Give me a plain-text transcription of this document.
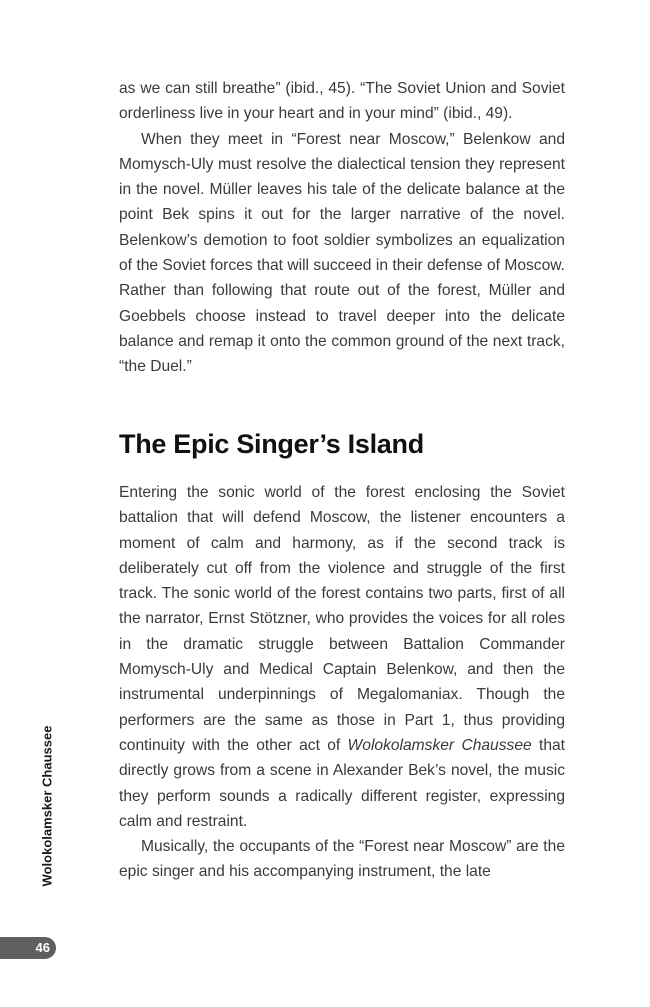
as we can still breathe” (ibid., 45). “The Soviet Union and Soviet orderliness live in your heart and in your mind” (ibid., 49).

When they meet in “Forest near Moscow,” Belenkow and Momysch-Uly must resolve the dialectical tension they represent in the novel. Müller leaves his tale of the delicate balance at the point Bek spins it out for the larger narrative of the novel. Belenkow’s demotion to foot soldier symbolizes an equalization of the Soviet forces that will succeed in their defense of Moscow. Rather than following that route out of the forest, Müller and Goebbels choose instead to travel deeper into the delicate balance and remap it onto the common ground of the next track, “the Duel.”

The Epic Singer’s Island

Entering the sonic world of the forest enclosing the Soviet battalion that will defend Moscow, the listener encounters a moment of calm and harmony, as if the second track is deliberately cut off from the violence and struggle of the first track. The sonic world of the forest contains two parts, first of all the narrator, Ernst Stötzner, who provides the voices for all roles in the dramatic struggle between Battalion Commander Momysch-Uly and Medical Captain Belenkow, and then the instrumental underpinnings of Megalomaniax. Though the performers are the same as those in Part 1, thus providing continuity with the other act of Wolokolamsker Chaussee that directly grows from a scene in Alexander Bek’s novel, the music they perform sounds a radically different register, expressing calm and restraint.

Musically, the occupants of the “Forest near Moscow” are the epic singer and his accompanying instrument, the late

Wolokolamsker Chaussee
46
